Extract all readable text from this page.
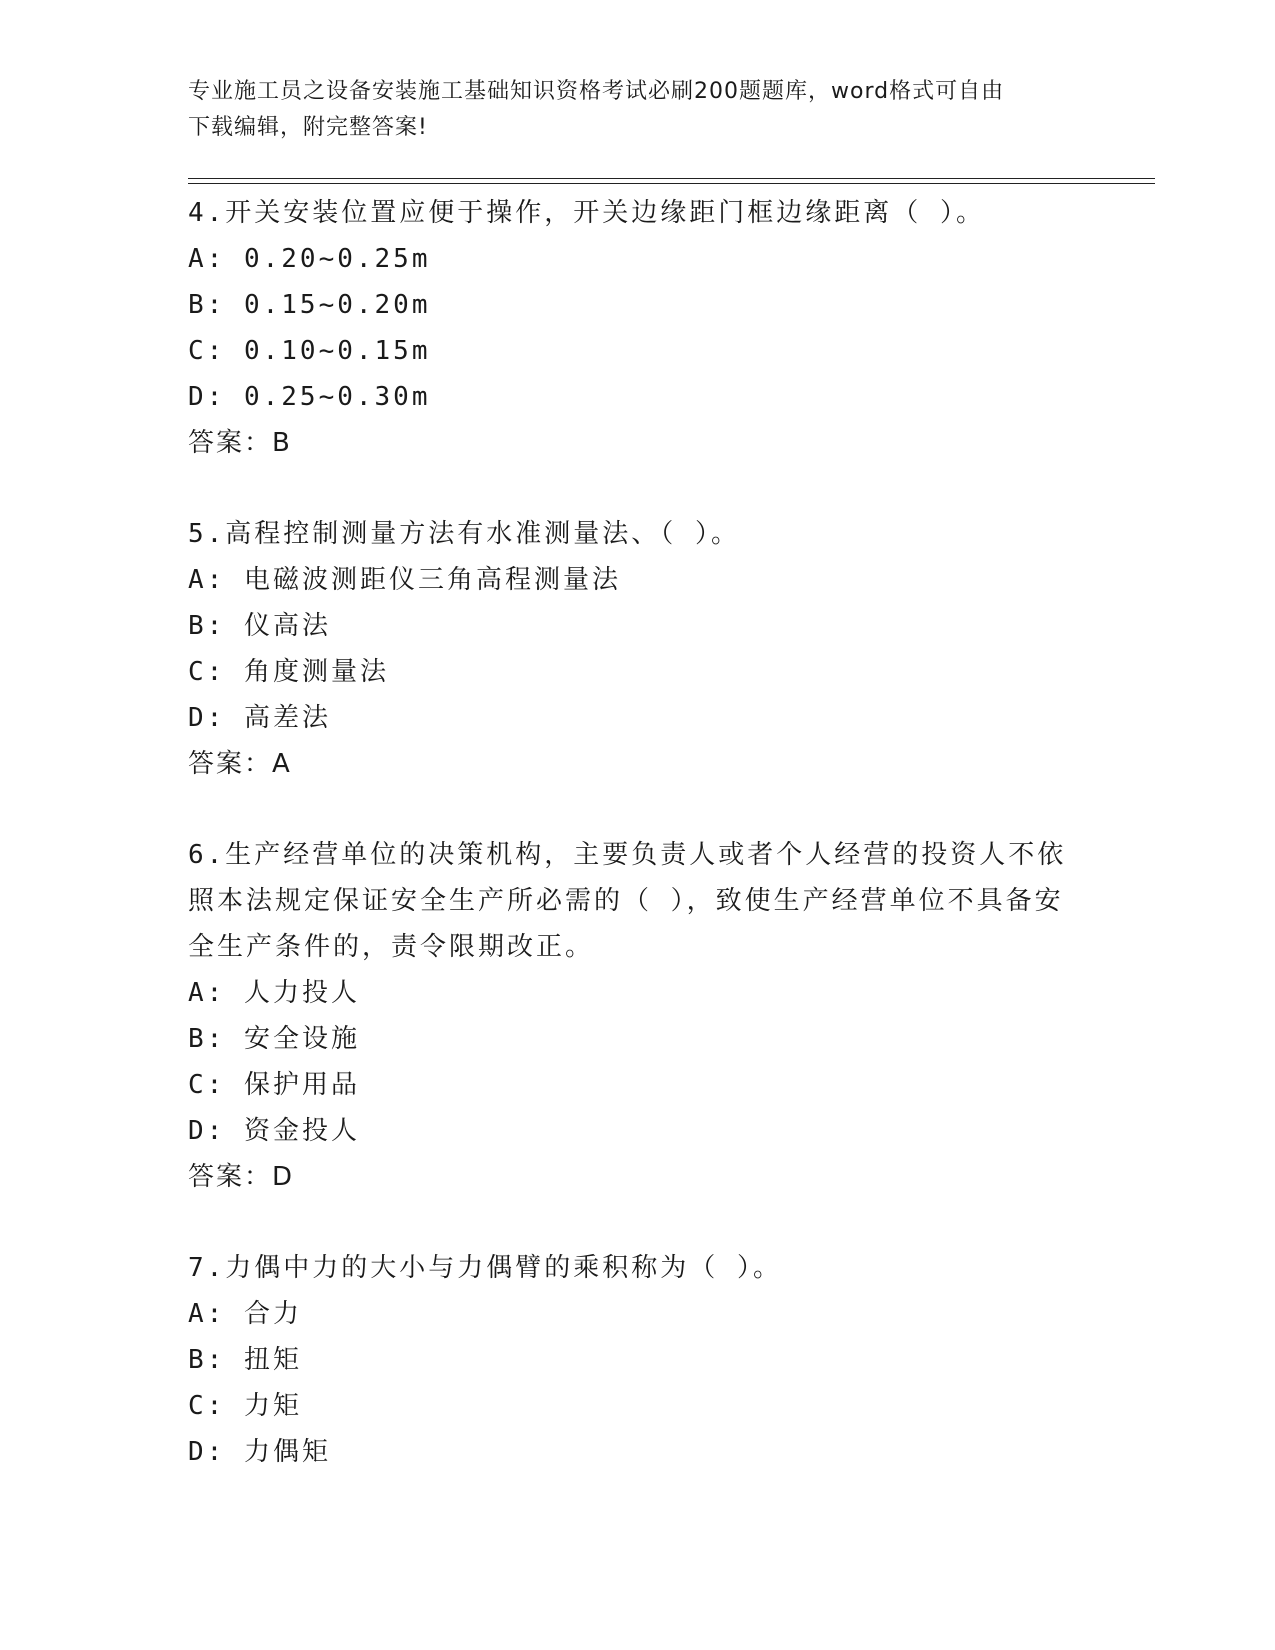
专业施工员之设备安装施工基础知识资格考试必刷200题题库，word格式可自由
下载编辑，附完整答案!
4.开关安装位置应便于操作，开关边缘距门框边缘距离（ ）。
A: 0.20~0.25m
B: 0.15~0.20m
C: 0.10~0.15m
D: 0.25~0.30m
答案：B
5.高程控制测量方法有水准测量法、（ ）。
A: 电磁波测距仪三角高程测量法
B: 仪高法
C: 角度测量法
D: 高差法
答案：A
6.生产经营单位的决策机构，主要负责人或者个人经营的投资人不依照本法规定保证安全生产所必需的（ ），致使生产经营单位不具备安全生产条件的，责令限期改正。
A: 人力投人
B: 安全设施
C: 保护用品
D: 资金投人
答案：D
7.力偶中力的大小与力偶臂的乘积称为（ ）。
A: 合力
B: 扭矩
C: 力矩
D: 力偶矩
